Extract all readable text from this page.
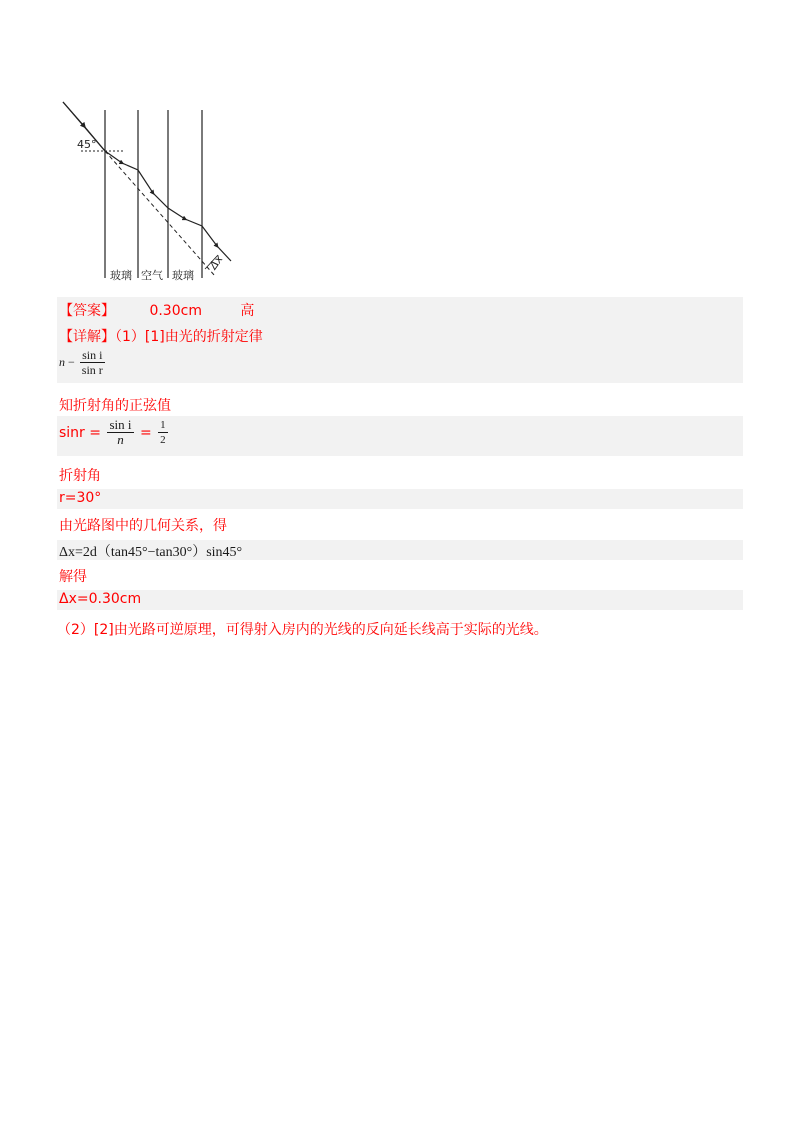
Δx
45°
玻璃 空气 玻璃
【答案】 0.30cm	高
【详解】（1）[1]由光的折射定律
$n - \frac{\text{sin i}}{\text{sin r}}$
知折射角的正弦值
$\sin r = \frac{\text{sin i}}{n} = \frac{1}{2}$
折射角
r=30°
由光路图中的几何关系，得
Δx=2d（tan45°−tan30°）sin45°
解得
Δx=0.30cm
（2）[2]由光路可逆原理，可得射入房内的光线的反向延长线高于实际的光线。
